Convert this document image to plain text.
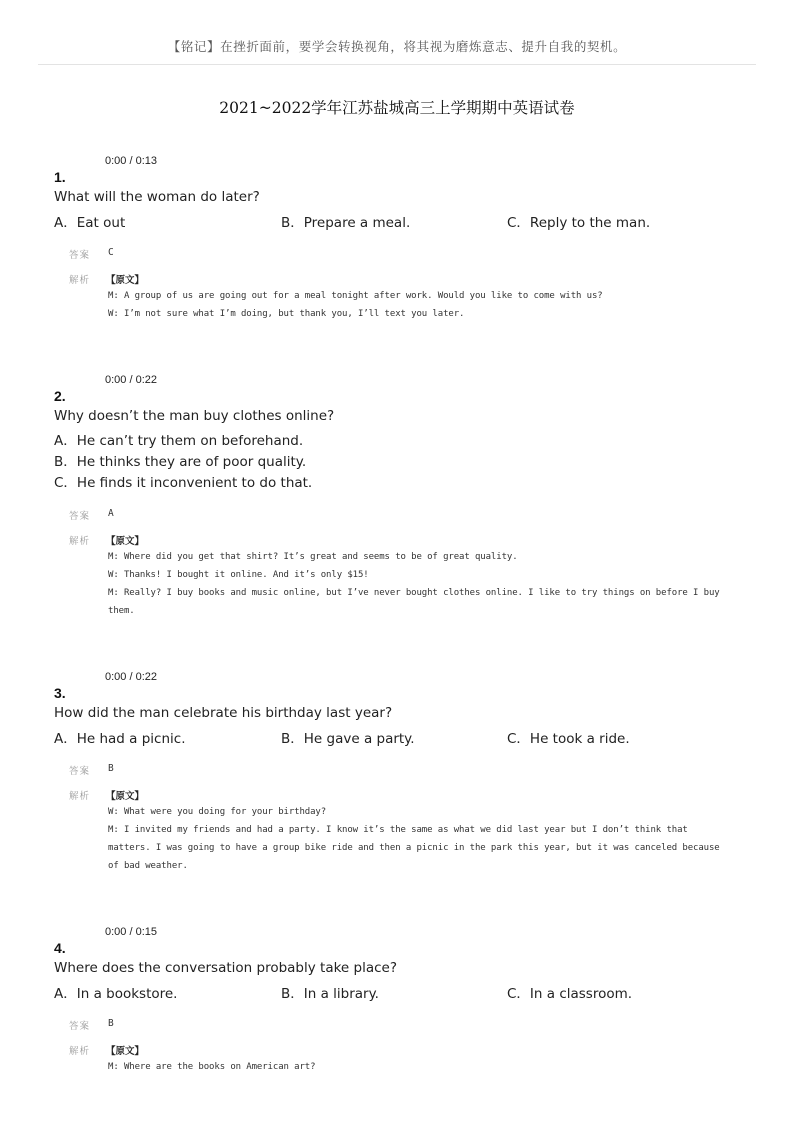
【铭记】在挫折面前，要学会转换视角，将其视为磨炼意志、提升自我的契机。
2021~2022学年江苏盐城高三上学期期中英语试卷
0:00 / 0:13
1.
What will the woman do later?
A．Eat out	B．Prepare a meal.	C．Reply to the man.
答案 C
解析 【原文】
M: A group of us are going out for a meal tonight after work. Would you like to come with us?
W: I’m not sure what I’m doing, but thank you, I’ll text you later.
0:00 / 0:22
2.
Why doesn’t the man buy clothes online?
A．He can’t try them on beforehand.
B．He thinks they are of poor quality.
C．He finds it inconvenient to do that.
答案 A
解析 【原文】
M: Where did you get that shirt? It’s great and seems to be of great quality.
W: Thanks! I bought it online. And it’s only $15!
M: Really? I buy books and music online, but I’ve never bought clothes online. I like to try things on before I buy
them.
0:00 / 0:22
3.
How did the man celebrate his birthday last year?
A．He had a picnic.	B．He gave a party.	C．He took a ride.
答案 B
解析 【原文】
W: What were you doing for your birthday?
M: I invited my friends and had a party. I know it’s the same as what we did last year but I don’t think that
matters. I was going to have a group bike ride and then a picnic in the park this year, but it was canceled because
of bad weather.
0:00 / 0:15
4.
Where does the conversation probably take place?
A．In a bookstore.	B．In a library.	C．In a classroom.
答案 B
解析 【原文】
M: Where are the books on American art?
